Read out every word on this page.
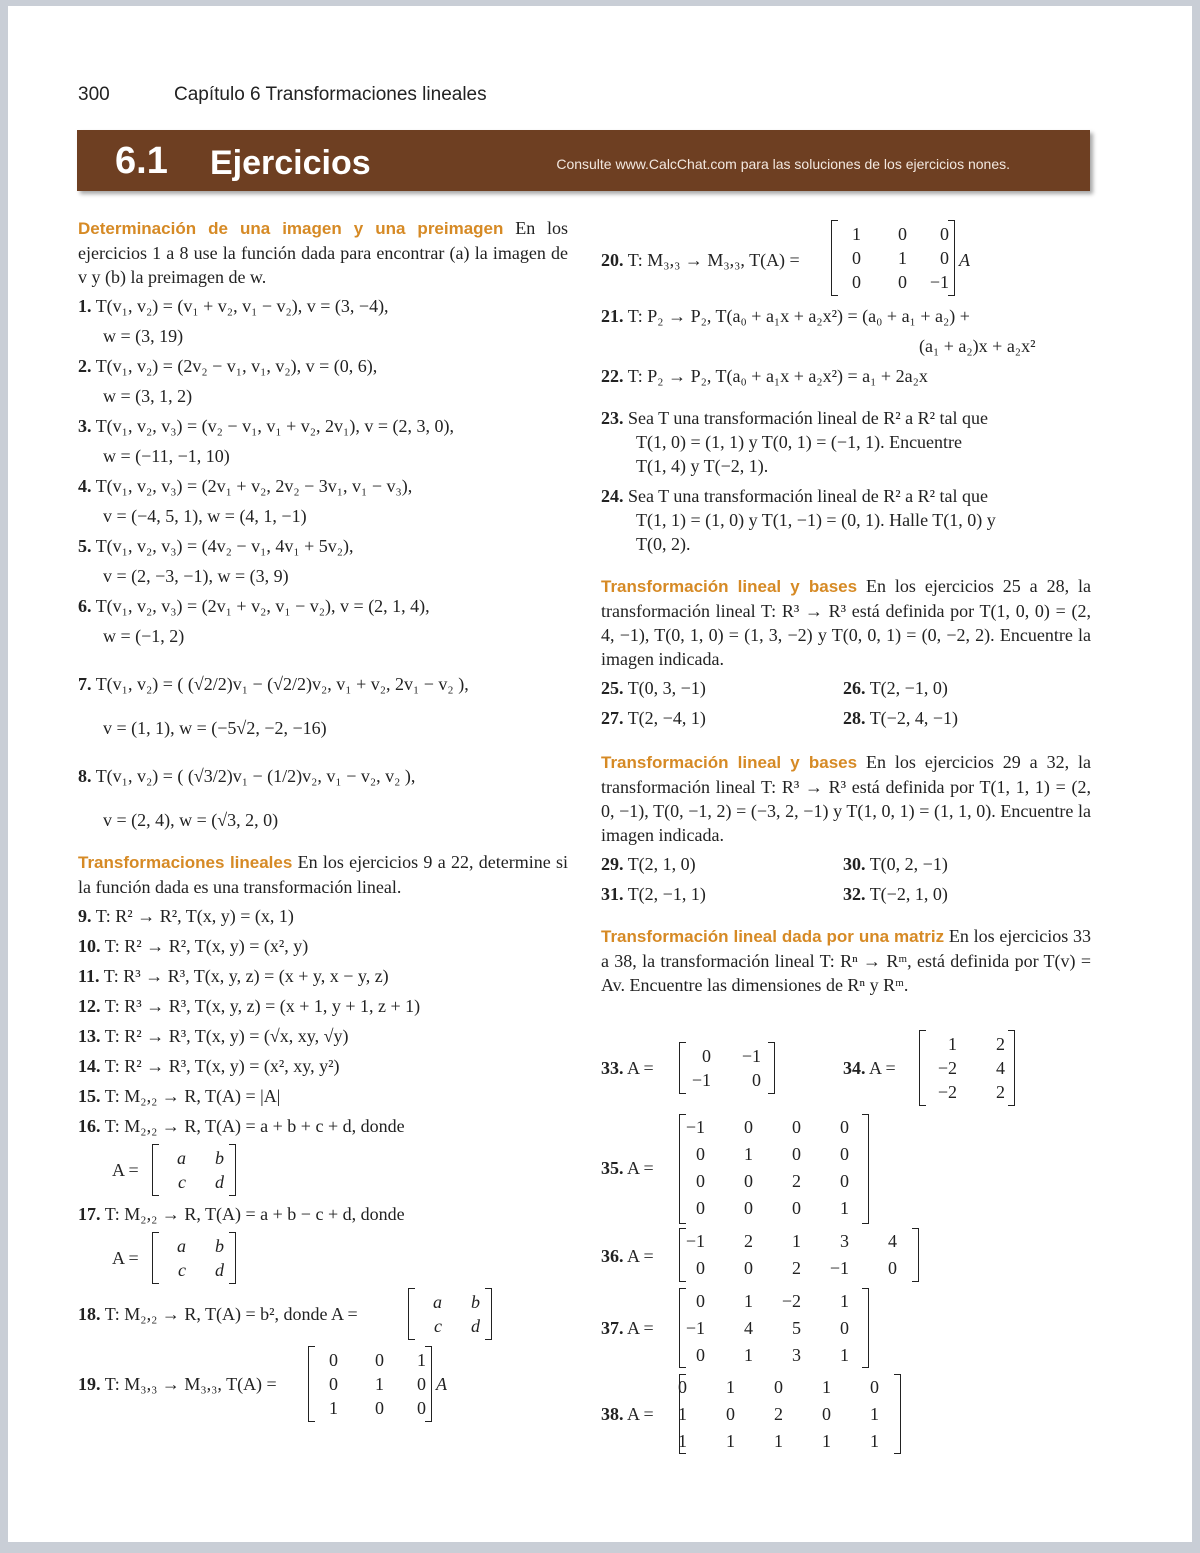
300	Capítulo 6 Transformaciones lineales
6.1 Ejercicios	Consulte www.CalcChat.com para las soluciones de los ejercicios nones.
Determinación de una imagen y una preimagen En los ejercicios 1 a 8 use la función dada para encontrar (a) la imagen de v y (b) la preimagen de w.
1. T(v₁, v₂) = (v₁ + v₂, v₁ − v₂), v = (3, −4),
w = (3, 19)
2. T(v₁, v₂) = (2v₂ − v₁, v₁, v₂), v = (0, 6),
w = (3, 1, 2)
3. T(v₁, v₂, v₃) = (v₂ − v₁, v₁ + v₂, 2v₁), v = (2, 3, 0),
w = (−11, −1, 10)
4. T(v₁, v₂, v₃) = (2v₁ + v₂, 2v₂ − 3v₁, v₁ − v₃),
v = (−4, 5, 1), w = (4, 1, −1)
5. T(v₁, v₂, v₃) = (4v₂ − v₁, 4v₁ + 5v₂),
v = (2, −3, −1), w = (3, 9)
6. T(v₁, v₂, v₃) = (2v₁ + v₂, v₁ − v₂), v = (2, 1, 4),
w = (−1, 2)
7. T(v₁, v₂) = ( (√2/2)v₁ − (√2/2)v₂, v₁ + v₂, 2v₁ − v₂ ),
v = (1, 1), w = (−5√2, −2, −16)
8. T(v₁, v₂) = ( (√3/2)v₁ − (1/2)v₂, v₁ − v₂, v₂ ),
v = (2, 4), w = (√3, 2, 0)
Transformaciones lineales En los ejercicios 9 a 22, determine si la función dada es una transformación lineal.
9. T: R² → R², T(x, y) = (x, 1)
10. T: R² → R², T(x, y) = (x², y)
11. T: R³ → R³, T(x, y, z) = (x + y, x − y, z)
12. T: R³ → R³, T(x, y, z) = (x + 1, y + 1, z + 1)
13. T: R² → R³, T(x, y) = (√x, xy, √y)
14. T: R² → R³, T(x, y) = (x², xy, y²)
15. T: M₂,₂ → R, T(A) = |A|
16. T: M₂,₂ → R, T(A) = a + b + c + d, donde
A =
a	b
c	d
17. T: M₂,₂ → R, T(A) = a + b − c + d, donde
A =
a	b
c	d
18. T: M₂,₂ → R, T(A) = b², donde A =
a	b
c	d
19. T: M₃,₃ → M₃,₃, T(A) =
0	0	1
0	1	0
1	0	0
A
20. T: M₃,₃ → M₃,₃, T(A) =
1	0	0
0	1	0
0	0	−1
A
21. T: P₂ → P₂, T(a₀ + a₁x + a₂x²) = (a₀ + a₁ + a₂) +
(a₁ + a₂)x + a₂x²
22. T: P₂ → P₂, T(a₀ + a₁x + a₂x²) = a₁ + 2a₂x
23. Sea T una transformación lineal de R² a R² tal que
T(1, 0) = (1, 1) y T(0, 1) = (−1, 1). Encuentre
T(1, 4) y T(−2, 1).
24. Sea T una transformación lineal de R² a R² tal que
T(1, 1) = (1, 0) y T(1, −1) = (0, 1). Halle T(1, 0) y
T(0, 2).
Transformación lineal y bases En los ejercicios 25 a 28, la transformación lineal T: R³ → R³ está definida por T(1, 0, 0) = (2, 4, −1), T(0, 1, 0) = (1, 3, −2) y T(0, 0, 1) = (0, −2, 2). Encuentre la imagen indicada.
25. T(0, 3, −1)	26. T(2, −1, 0)
27. T(2, −4, 1)	28. T(−2, 4, −1)
Transformación lineal y bases En los ejercicios 29 a 32, la transformación lineal T: R³ → R³ está definida por T(1, 1, 1) = (2, 0, −1), T(0, −1, 2) = (−3, 2, −1) y T(1, 0, 1) = (1, 1, 0). Encuentre la imagen indicada.
29. T(2, 1, 0)	30. T(0, 2, −1)
31. T(2, −1, 1)	32. T(−2, 1, 0)
Transformación lineal dada por una matriz En los ejercicios 33 a 38, la transformación lineal T: Rⁿ → Rᵐ, está definida por T(v) = Av. Encuentre las dimensiones de Rⁿ y Rᵐ.
33. A =
0	−1
−1	0
34. A =
1	2
−2	4
−2	2
35. A =
−1	0	0	0
0	1	0	0
0	0	2	0
0	0	0	1
36. A =
−1	2	1	3	4
0	0	2	−1	0
37. A =
0	1	−2	1
−1	4	5	0
0	1	3	1
38. A =
0	1	0	1	0
1	0	2	0	1
1	1	1	1	1
